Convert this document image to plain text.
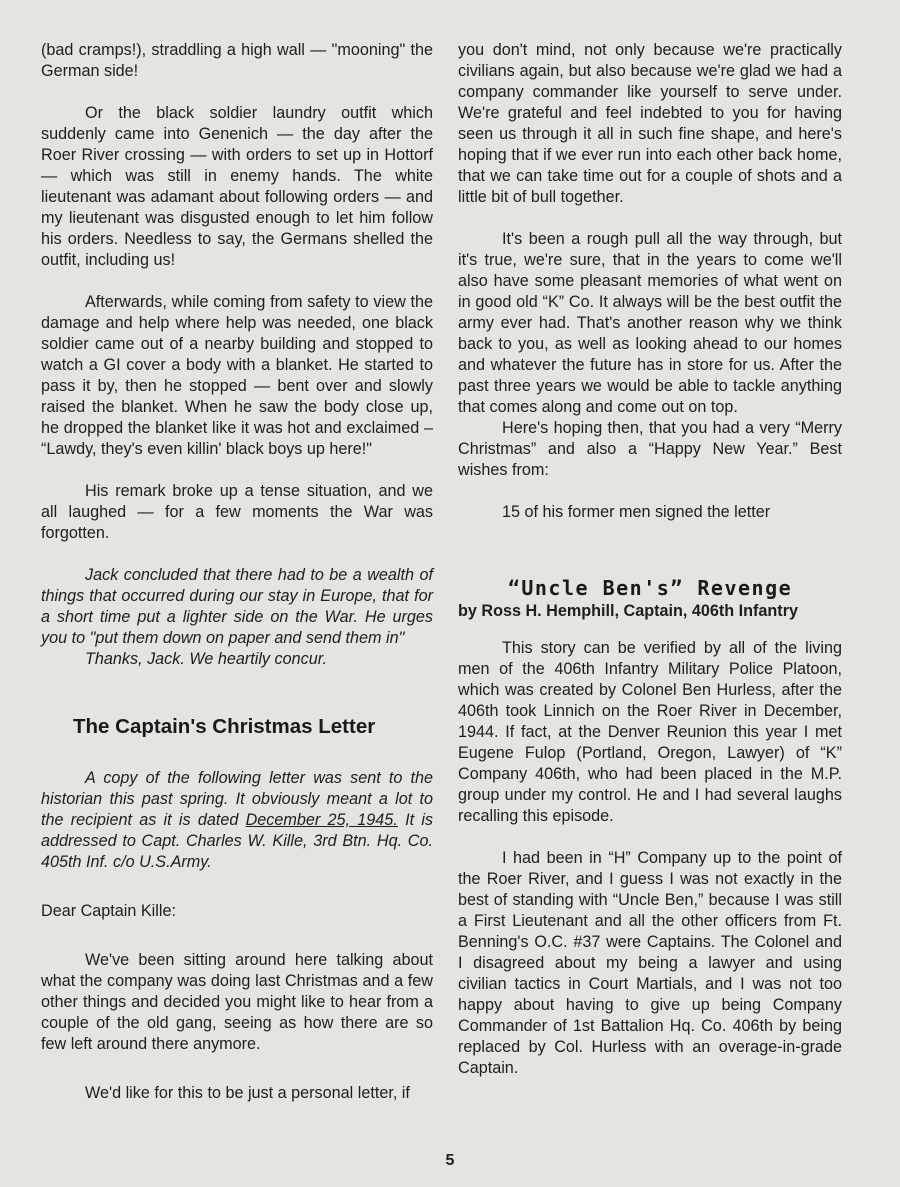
(bad cramps!), straddling a high wall — "mooning" the German side!

Or the black soldier laundry outfit which suddenly came into Genenich — the day after the Roer River crossing — with orders to set up in Hottorf — which was still in enemy hands. The white lieutenant was adamant about following orders — and my lieutenant was disgusted enough to let him follow his orders. Needless to say, the Germans shelled the outfit, including us!

Afterwards, while coming from safety to view the damage and help where help was needed, one black soldier came out of a nearby building and stopped to watch a GI cover a body with a blanket. He started to pass it by, then he stopped — bent over and slowly raised the blanket. When he saw the body close up, he dropped the blanket like it was hot and exclaimed – “Lawdy, they's even killin' black boys up here!"

His remark broke up a tense situation, and we all laughed — for a few moments the War was forgotten.

Jack concluded that there had to be a wealth of things that occurred during our stay in Europe, that for a short time put a lighter side on the War. He urges you to "put them down on paper and send them in"

Thanks, Jack. We heartily concur.

The Captain's Christmas Letter

A copy of the following letter was sent to the historian this past spring. It obviously meant a lot to the recipient as it is dated December 25, 1945. It is addressed to Capt. Charles W. Kille, 3rd Btn. Hq. Co. 405th Inf. c/o U.S.Army.

Dear Captain Kille:

We've been sitting around here talking about what the company was doing last Christmas and a few other things and decided you might like to hear from a couple of the old gang, seeing as how there are so few left around there anymore.

We'd like for this to be just a personal letter, if

you don't mind, not only because we're practically civilians again, but also because we're glad we had a company commander like yourself to serve under. We're grateful and feel indebted to you for having seen us through it all in such fine shape, and here's hoping that if we ever run into each other back home, that we can take time out for a couple of shots and a little bit of bull together.

It's been a rough pull all the way through, but it's true, we're sure, that in the years to come we'll also have some pleasant memories of what went on in good old “K” Co. It always will be the best outfit the army ever had. That's another reason why we think back to you, as well as looking ahead to our homes and whatever the future has in store for us. After the past three years we would be able to tackle anything that comes along and come out on top.

Here's hoping then, that you had a very “Merry Christmas” and also a “Happy New Year.” Best wishes from:

15 of his former men signed the letter

“Uncle Ben's” Revenge

by Ross H. Hemphill, Captain, 406th Infantry

This story can be verified by all of the living men of the 406th Infantry Military Police Platoon, which was created by Colonel Ben Hurless, after the 406th took Linnich on the Roer River in December, 1944. If fact, at the Denver Reunion this year I met Eugene Fulop (Portland, Oregon, Lawyer) of “K” Company 406th, who had been placed in the M.P. group under my control. He and I had several laughs recalling this episode.

I had been in “H” Company up to the point of the Roer River, and I guess I was not exactly in the best of standing with “Uncle Ben,” because I was still a First Lieutenant and all the other officers from Ft. Benning's O.C. #37 were Captains. The Colonel and I disagreed about my being a lawyer and using civilian tactics in Court Martials, and I was not too happy about having to give up being Company Commander of 1st Battalion Hq. Co. 406th by being replaced by Col. Hurless with an overage-in-grade Captain.

5
